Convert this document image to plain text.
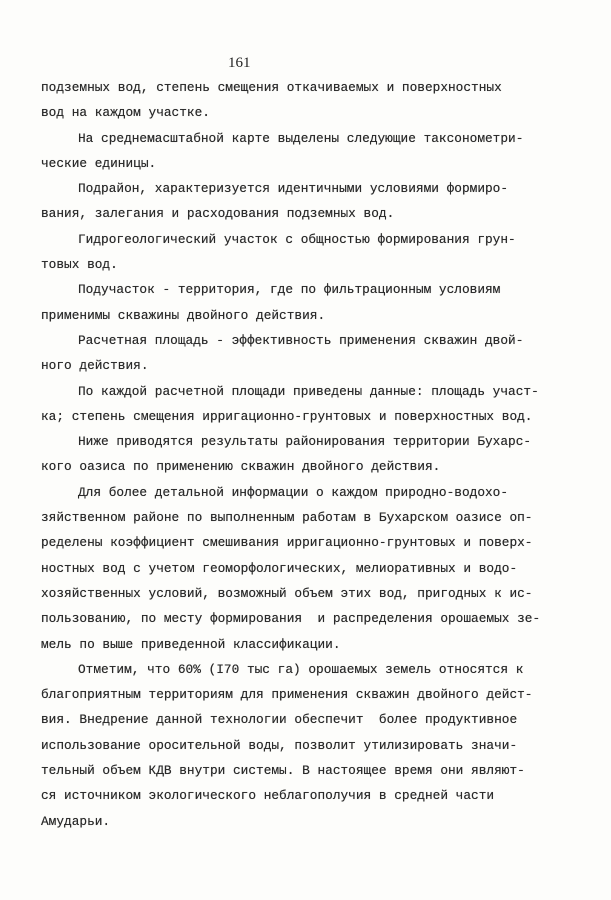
161
подземных вод, степень смещения откачиваемых и поверхностных
вод на каждом участке.
На среднемасштабной карте выделены следующие таксонометри-
ческие единицы.
Подрайон, характеризуется идентичными условиями формиро-
вания, залегания и расходования подземных вод.
Гидрогеологический участок с общностью формирования грун-
товых вод.
Подучасток - территория, где по фильтрационным условиям
применимы скважины двойного действия.
Расчетная площадь - эффективность применения скважин двой-
ного действия.
По каждой расчетной площади приведены данные: площадь участ-
ка; степень смещения ирригационно-грунтовых и поверхностных вод.
Ниже приводятся результаты районирования территории Бухарс-
кого оазиса по применению скважин двойного действия.
Для более детальной информации о каждом природно-водохо-
зяйственном районе по выполненным работам в Бухарском оазисе оп-
ределены коэффициент смешивания ирригационно-грунтовых и поверх-
ностных вод с учетом геоморфологических, мелиоративных и водо-
хозяйственных условий, возможный объем этих вод, пригодных к ис-
пользованию, по месту формирования  и распределения орошаемых зе-
мель по выше приведенной классификации.
Отметим, что 60% (I70 тыс га) орошаемых земель относятся к
благоприятным территориям для применения скважин двойного дейст-
вия. Внедрение данной технологии обеспечит  более продуктивное
использование оросительной воды, позволит утилизировать значи-
тельный объем КДВ внутри системы. В настоящее время они являют-
ся источником экологического неблагополучия в средней части
Амударьи.
